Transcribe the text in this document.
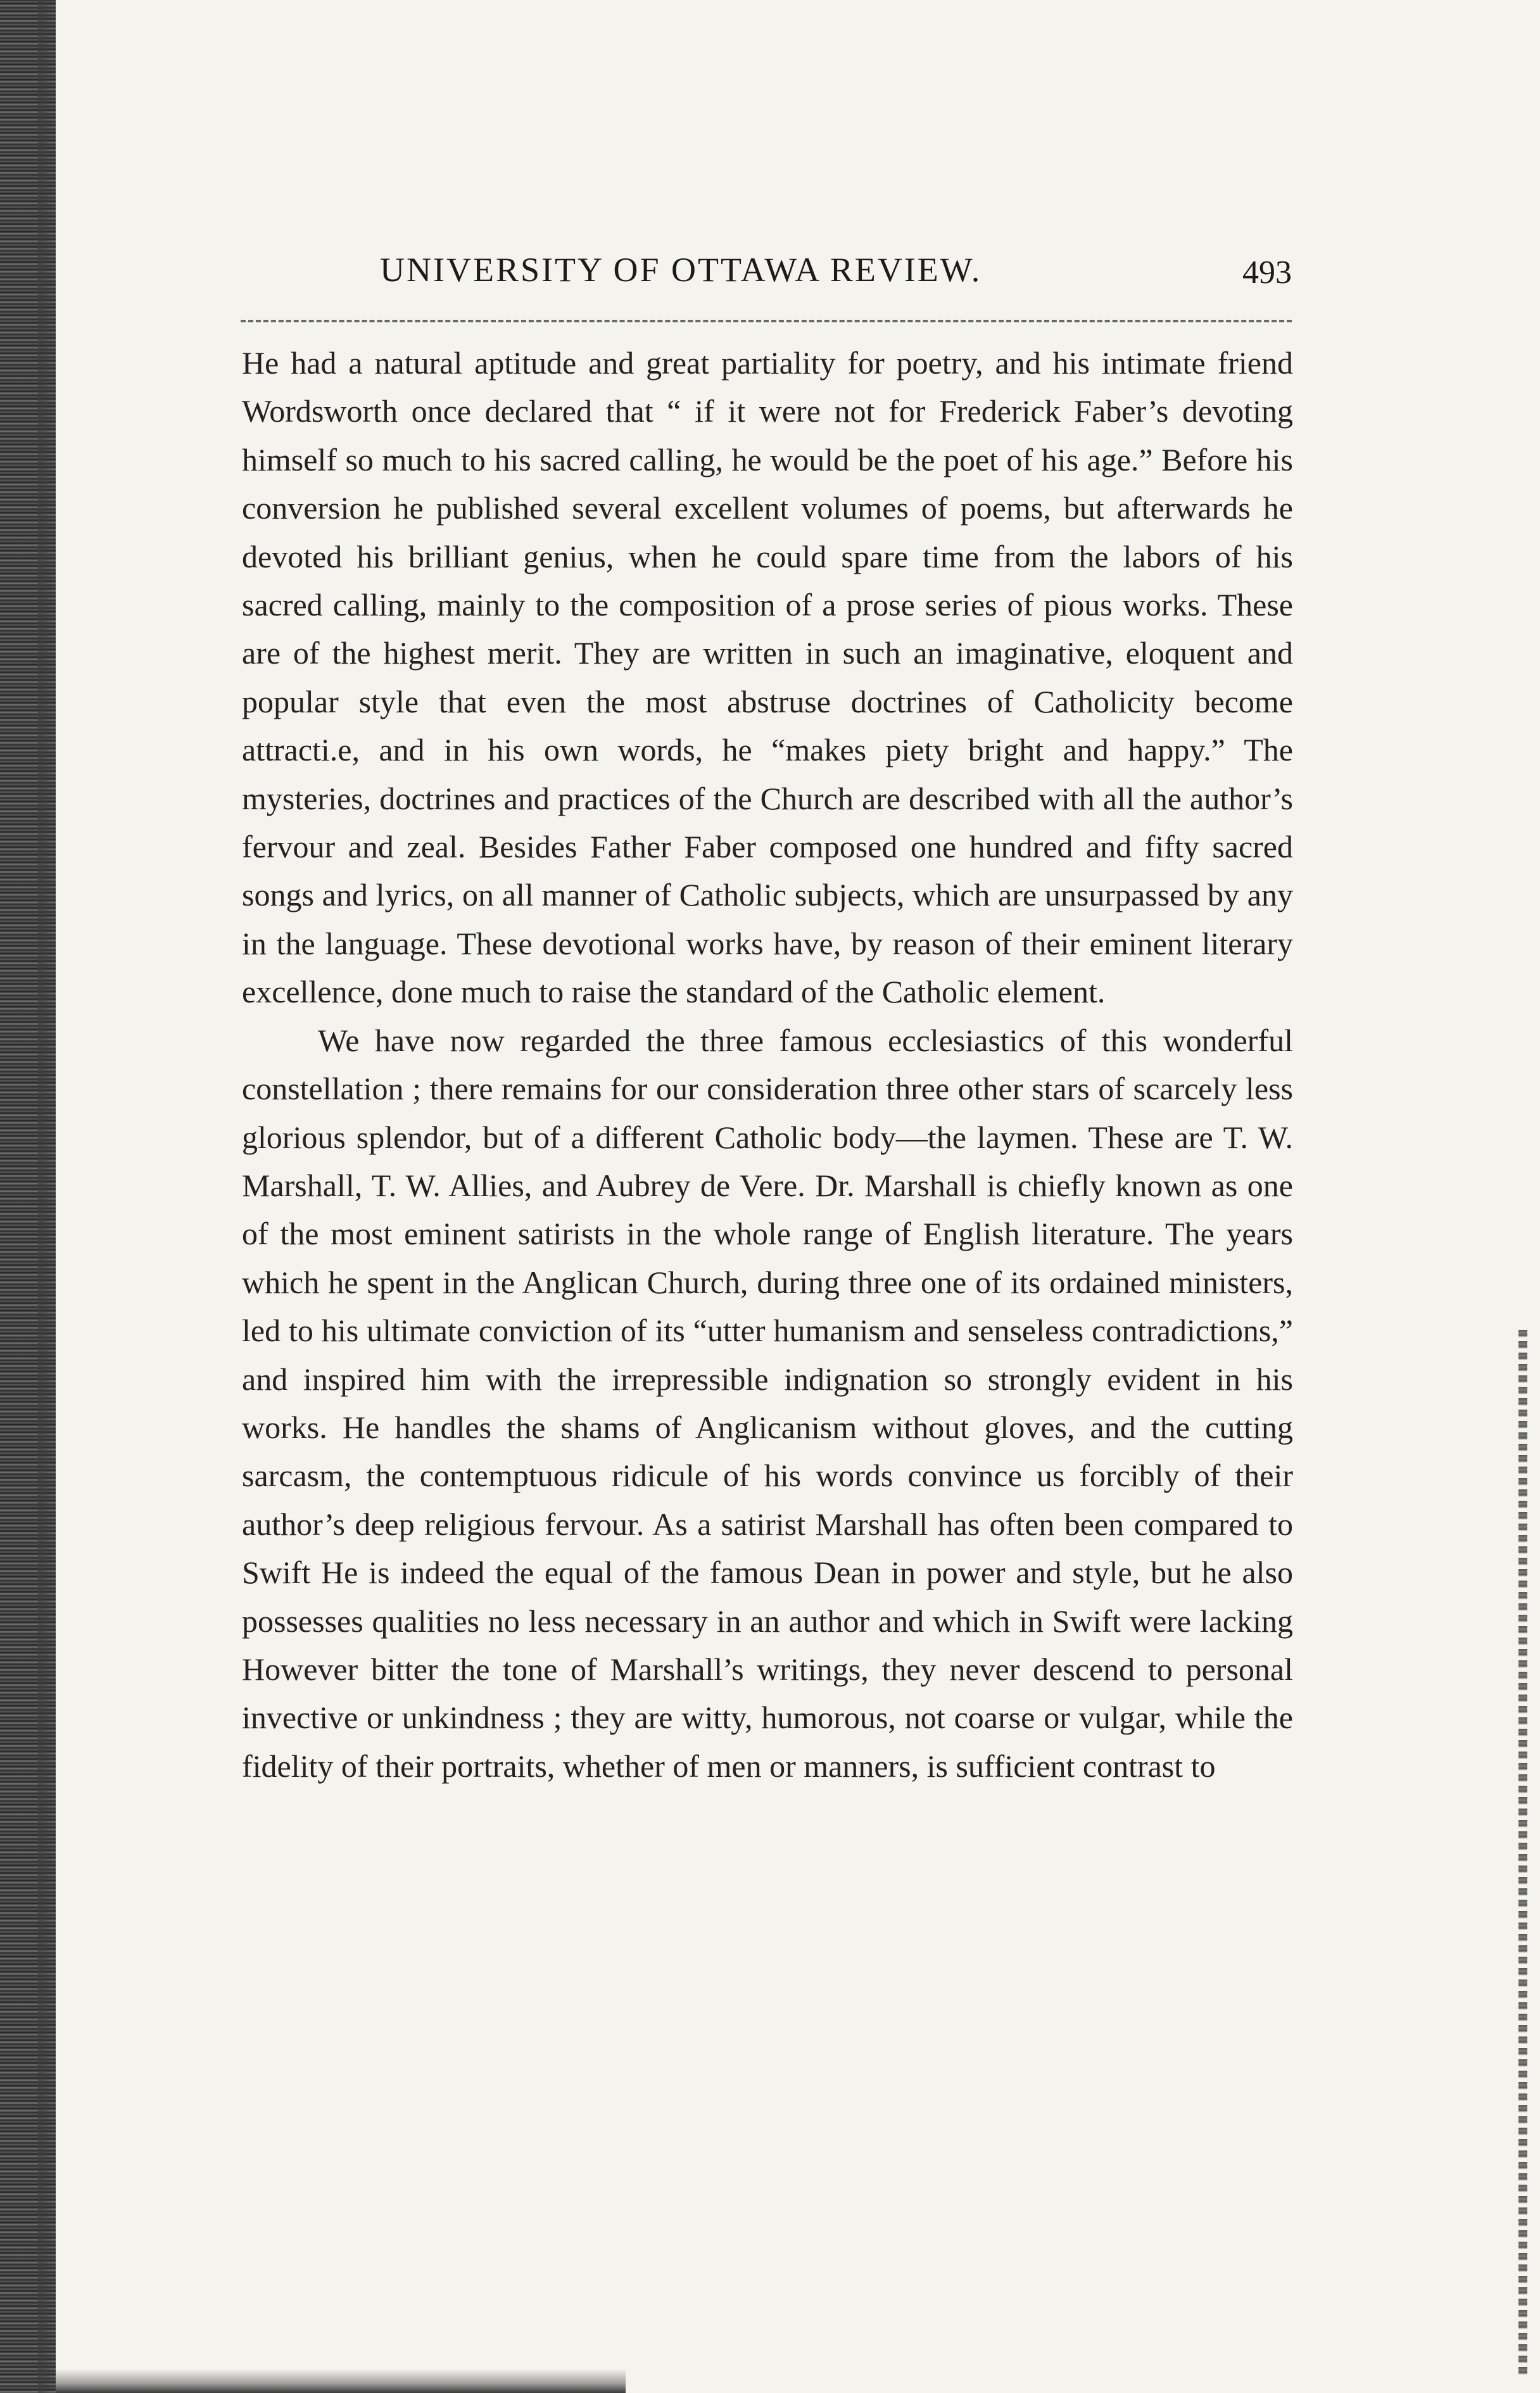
UNIVERSITY OF OTTAWA REVIEW.	493

He had a natural aptitude and great partiality for poetry, and his intimate friend Wordsworth once declared that “ if it were not for Frederick Faber’s devoting himself so much to his sacred calling, he would be the poet of his age.” Before his conversion he published several excellent volumes of poems, but afterwards he devoted his brilliant genius, when he could spare time from the labors of his sacred calling, mainly to the composition of a prose series of pious works. These are of the highest merit. They are written in such an imaginative, eloquent and popular style that even the most abstruse doctrines of Catholicity become attracti.e, and in his own words, he “makes piety bright and happy.” The mysteries, doctrines and practices of the Church are described with all the author’s fervour and zeal. Besides Father Faber composed one hundred and fifty sacred songs and lyrics, on all manner of Catholic subjects, which are unsurpassed by any in the language. These devotional works have, by reason of their eminent literary excellence, done much to raise the standard of the Catholic element.

We have now regarded the three famous ecclesiastics of this wonderful constellation ; there remains for our consideration three other stars of scarcely less glorious splendor, but of a different Catholic body—the laymen. These are T. W. Marshall, T. W. Allies, and Aubrey de Vere. Dr. Marshall is chiefly known as one of the most eminent satirists in the whole range of English literature. The years which he spent in the Anglican Church, during three one of its ordained ministers, led to his ultimate conviction of its “utter humanism and senseless contradictions,” and inspired him with the irrepressible indignation so strongly evident in his works. He handles the shams of Anglicanism without gloves, and the cutting sarcasm, the contemptuous ridicule of his words convince us forcibly of their author’s deep religious fervour. As a satirist Marshall has often been compared to Swift He is indeed the equal of the famous Dean in power and style, but he also possesses qualities no less necessary in an author and which in Swift were lacking However bitter the tone of Marshall’s writings, they never descend to personal invective or unkindness ; they are witty, humorous, not coarse or vulgar, while the fidelity of their portraits, whether of men or manners, is sufficient contrast to
